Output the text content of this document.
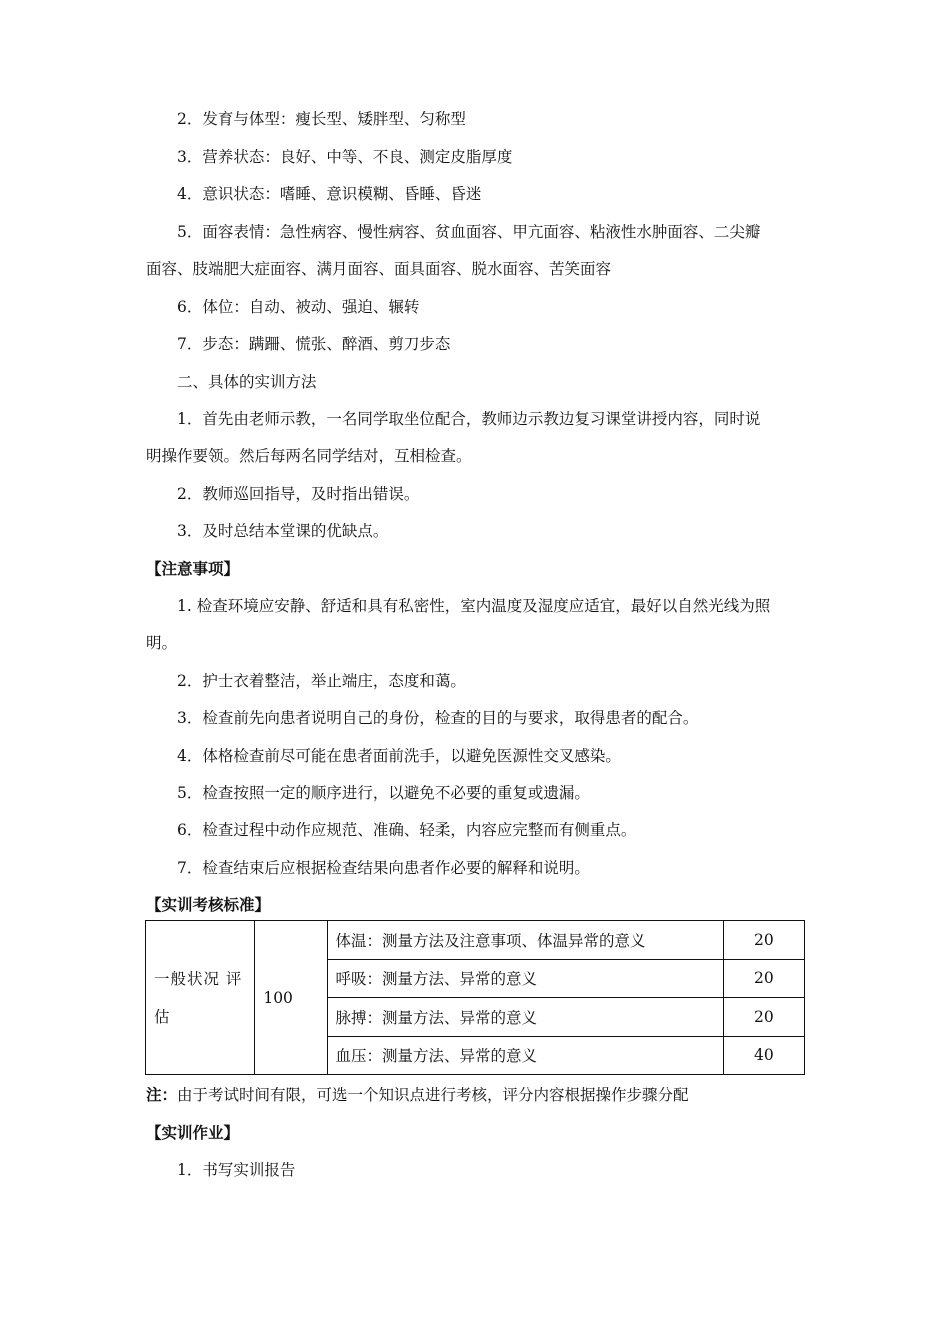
2．发育与体型：瘦长型、矮胖型、匀称型
3．营养状态：良好、中等、不良、测定皮脂厚度
4．意识状态：嗜睡、意识模糊、昏睡、昏迷
5．面容表情：急性病容、慢性病容、贫血面容、甲亢面容、粘液性水肿面容、二尖瓣
面容、肢端肥大症面容、满月面容、面具面容、脱水面容、苦笑面容
6．体位：自动、被动、强迫、辗转
7．步态：蹒跚、慌张、醉酒、剪刀步态
二、具体的实训方法
1．首先由老师示教，一名同学取坐位配合，教师边示教边复习课堂讲授内容，同时说
明操作要领。然后每两名同学结对，互相检查。
2．教师巡回指导，及时指出错误。
3．及时总结本堂课的优缺点。
【注意事项】
1. 检查环境应安静、舒适和具有私密性，室内温度及湿度应适宜，最好以自然光线为照
明。
2．护士衣着整洁，举止端庄，态度和蔼。
3．检查前先向患者说明自己的身份，检查的目的与要求，取得患者的配合。
4．体格检查前尽可能在患者面前洗手，以避免医源性交叉感染。
5．检查按照一定的顺序进行，以避免不必要的重复或遗漏。
6．检查过程中动作应规范、准确、轻柔，内容应完整而有侧重点。
7．检查结束后应根据检查结果向患者作必要的解释和说明。
【实训考核标准】
一般状况 评估	100	体温：测量方法及注意事项、体温异常的意义	20
		呼吸：测量方法、异常的意义	20
		脉搏：测量方法、异常的意义	20
		血压：测量方法、异常的意义	40
注：由于考试时间有限，可选一个知识点进行考核，评分内容根据操作步骤分配
【实训作业】
1．书写实训报告
